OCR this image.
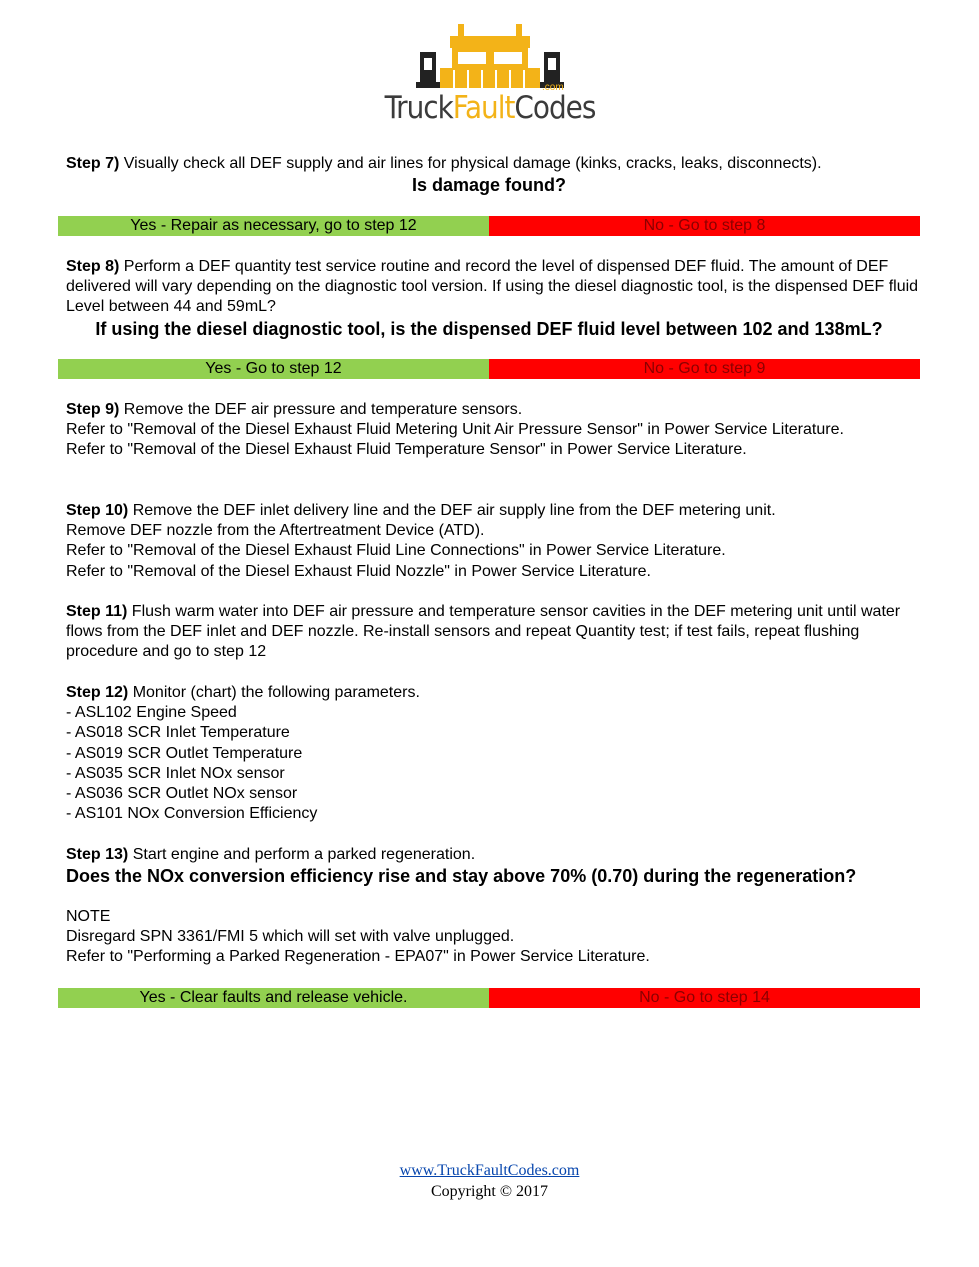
.com
TruckFaultCodes

Step 7) Visually check all DEF supply and air lines for physical damage (kinks, cracks, leaks, disconnects).

Is damage found?
Yes - Repair as necessary, go to step 12	No - Go to step 8

Step 8) Perform a DEF quantity test service routine and record the level of dispensed DEF fluid. The amount of DEF delivered will vary depending on the diagnostic tool version. If using the diesel diagnostic tool, is the dispensed DEF fluid Level between 44 and 59mL?

If using the diesel diagnostic tool, is the dispensed DEF fluid level between 102 and 138mL?
Yes - Go to step 12	No - Go to step 9

Step 9) Remove the DEF air pressure and temperature sensors.

Refer to "Removal of the Diesel Exhaust Fluid Metering Unit Air Pressure Sensor" in Power Service Literature.

Refer to "Removal of the Diesel Exhaust Fluid Temperature Sensor" in Power Service Literature.

Step 10) Remove the DEF inlet delivery line and the DEF air supply line from the DEF metering unit.

Remove DEF nozzle from the Aftertreatment Device (ATD).

Refer to "Removal of the Diesel Exhaust Fluid Line Connections" in Power Service Literature.

Refer to "Removal of the Diesel Exhaust Fluid Nozzle" in Power Service Literature.

Step 11) Flush warm water into DEF air pressure and temperature sensor cavities in the DEF metering unit until water flows from the DEF inlet and DEF nozzle. Re-install sensors and repeat Quantity test; if test fails, repeat flushing procedure and go to step 12

Step 12) Monitor (chart) the following parameters.

- ASL102 Engine Speed

- AS018 SCR Inlet Temperature

- AS019 SCR Outlet Temperature

- AS035 SCR Inlet NOx sensor

- AS036 SCR Outlet NOx sensor

- AS101 NOx Conversion Efficiency

Step 13) Start engine and perform a parked regeneration.

Does the NOx conversion efficiency rise and stay above 70% (0.70) during the regeneration?

NOTE

Disregard SPN 3361/FMI 5 which will set with valve unplugged.

Refer to "Performing a Parked Regeneration - EPA07" in Power Service Literature.

Yes - Clear faults and release vehicle.	No - Go to step 14
www.TruckFaultCodes.com
Copyright © 2017
